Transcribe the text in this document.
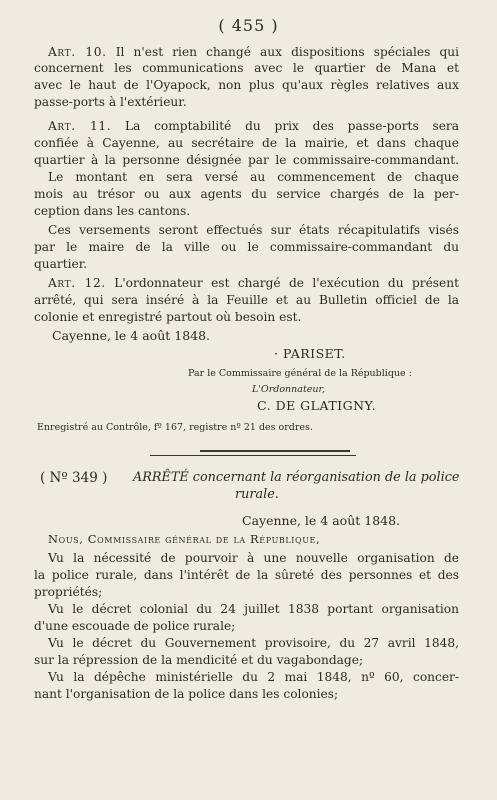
( 455 )
Art. 10. Il n'est rien changé aux dispositions spéciales qui
concernent les communications avec le quartier de Mana et
avec le haut de l'Oyapock, non plus qu'aux règles relatives aux
passe-ports à l'extérieur.
Art. 11. La comptabilité du prix des passe-ports sera
confiée à Cayenne, au secrétaire de la mairie, et dans chaque
quartier à la personne désignée par le commissaire-commandant.
Le montant en sera versé au commencement de chaque
mois au trésor ou aux agents du service chargés de la per-
ception dans les cantons.
Ces versements seront effectués sur états récapitulatifs visés
par le maire de la ville ou le commissaire-commandant du
quartier.
Art. 12. L'ordonnateur est chargé de l'exécution du présent
arrêté, qui sera inséré à la Feuille et au Bulletin officiel de la
colonie et enregistré partout où besoin est.
Cayenne, le 4 août 1848.
· PARISET.
Par le Commissaire général de la République :
L'Ordonnateur,
C. DE GLATIGNY.
Enregistré au Contrôle, fº 167, registre nº 21 des ordres.
( Nº 349 ) ARRÊTÉ concernant la réorganisation de la police
rurale.
Cayenne, le 4 août 1848.
Nous, Commissaire général de la République,
Vu la nécessité de pourvoir à une nouvelle organisation de
la police rurale, dans l'intérêt de la sûreté des personnes et des
propriétés;
Vu le décret colonial du 24 juillet 1838 portant organisation
d'une escouade de police rurale;
Vu le décret du Gouvernement provisoire, du 27 avril 1848,
sur la répression de la mendicité et du vagabondage;
Vu la dépêche ministérielle du 2 mai 1848, nº 60, concer-
nant l'organisation de la police dans les colonies;
